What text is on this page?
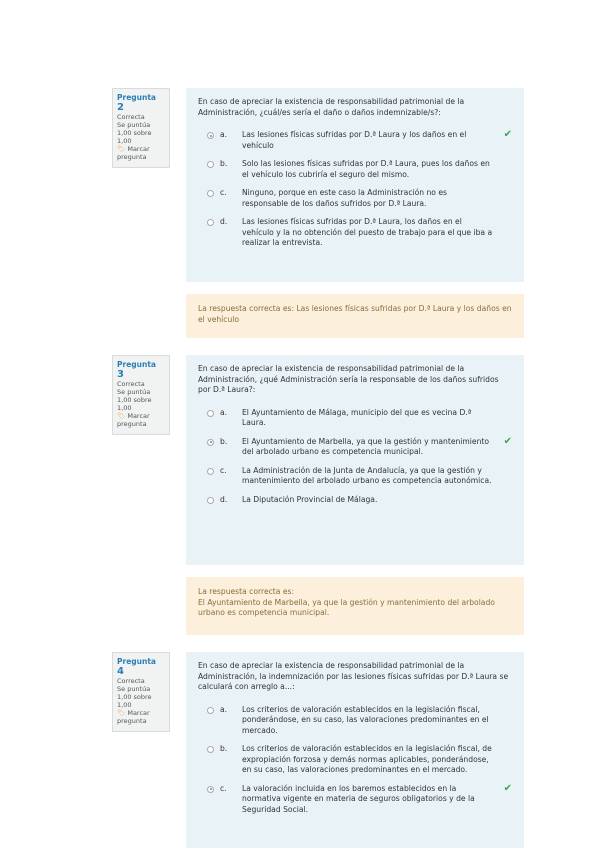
Pregunta 2
Correcta
Se puntúa
1,00 sobre
1,00
🏷 Marcar
pregunta
En caso de apreciar la existencia de responsabilidad patrimonial de la Administración, ¿cuál/es sería el daño o daños indemnizable/s?:
a. Las lesiones físicas sufridas por D.ª Laura y los daños en el vehículo
✔
b. Solo las lesiones físicas sufridas por D.ª Laura, pues los daños en el vehículo los cubriría el seguro del mismo.
c. Ninguno, porque en este caso la Administración no es responsable de los daños sufridos por D.ª Laura.
d. Las lesiones físicas sufridas por D.ª Laura, los daños en el vehículo y la no obtención del puesto de trabajo para el que iba a realizar la entrevista.
La respuesta correcta es: Las lesiones físicas sufridas por D.ª Laura y los daños en el vehículo
Pregunta 3
Correcta
Se puntúa
1,00 sobre
1,00
🏷 Marcar
pregunta
En caso de apreciar la existencia de responsabilidad patrimonial de la Administración, ¿qué Administración sería la responsable de los daños sufridos por D.ª Laura?:
a. El Ayuntamiento de Málaga, municipio del que es vecina D.ª Laura.
b. El Ayuntamiento de Marbella, ya que la gestión y mantenimiento del arbolado urbano es competencia municipal.
✔
c. La Administración de la Junta de Andalucía, ya que la gestión y mantenimiento del arbolado urbano es competencia autonómica.
d. La Diputación Provincial de Málaga.
La respuesta correcta es:
El Ayuntamiento de Marbella, ya que la gestión y mantenimiento del arbolado urbano es competencia municipal.
Pregunta 4
Correcta
Se puntúa
1,00 sobre
1,00
🏷 Marcar
pregunta
En caso de apreciar la existencia de responsabilidad patrimonial de la Administración, la indemnización por las lesiones físicas sufridas por D.ª Laura se calculará con arreglo a...:
a. Los criterios de valoración establecidos en la legislación fiscal, ponderándose, en su caso, las valoraciones predominantes en el mercado.
b. Los criterios de valoración establecidos en la legislación fiscal, de expropiación forzosa y demás normas aplicables, ponderándose, en su caso, las valoraciones predominantes en el mercado.
c. La valoración incluida en los baremos establecidos en la normativa vigente en materia de seguros obligatorios y de la Seguridad Social.
✔
